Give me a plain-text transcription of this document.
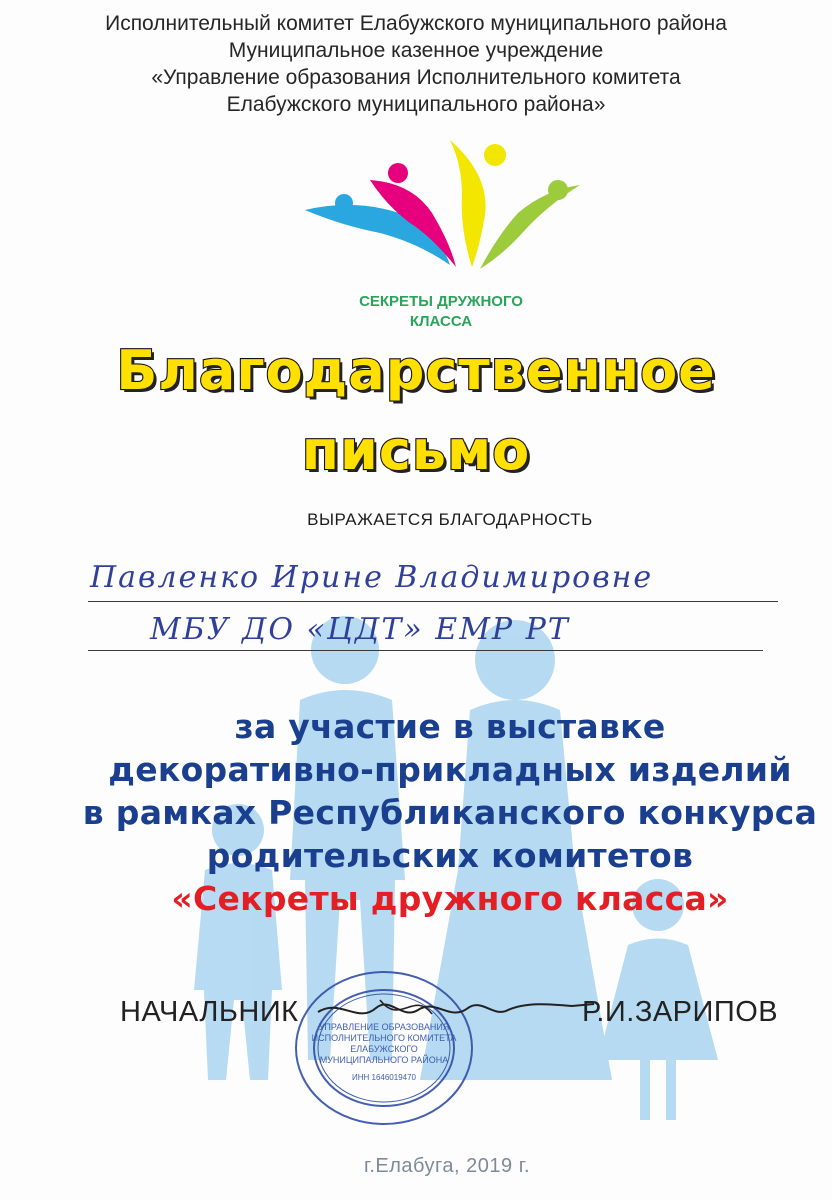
Исполнительный комитет Елабужского муниципального района
Муниципальное казенное учреждение
«Управление образования Исполнительного комитета
Елабужского муниципального района»
СЕКРЕТЫ ДРУЖНОГО
КЛАССА
Благодарственное
письмо
ВЫРАЖАЕТСЯ БЛАГОДАРНОСТЬ
Павленко Ирине Владимировне
МБУ ДО «ЦДТ» ЕМР РТ
за участие в выставке
декоративно-прикладных изделий
в рамках Республиканского конкурса
родительских комитетов
«Секреты дружного класса»
НАЧАЛЬНИК	Р.И.ЗАРИПОВ
УПРАВЛЕНИЕ ОБРАЗОВАНИЯ
ИСПОЛНИТЕЛЬНОГО КОМИТЕТА
ЕЛАБУЖСКОГО
МУНИЦИПАЛЬНОГО РАЙОНА
ИНН 1646019470
г.Елабуга, 2019 г.
